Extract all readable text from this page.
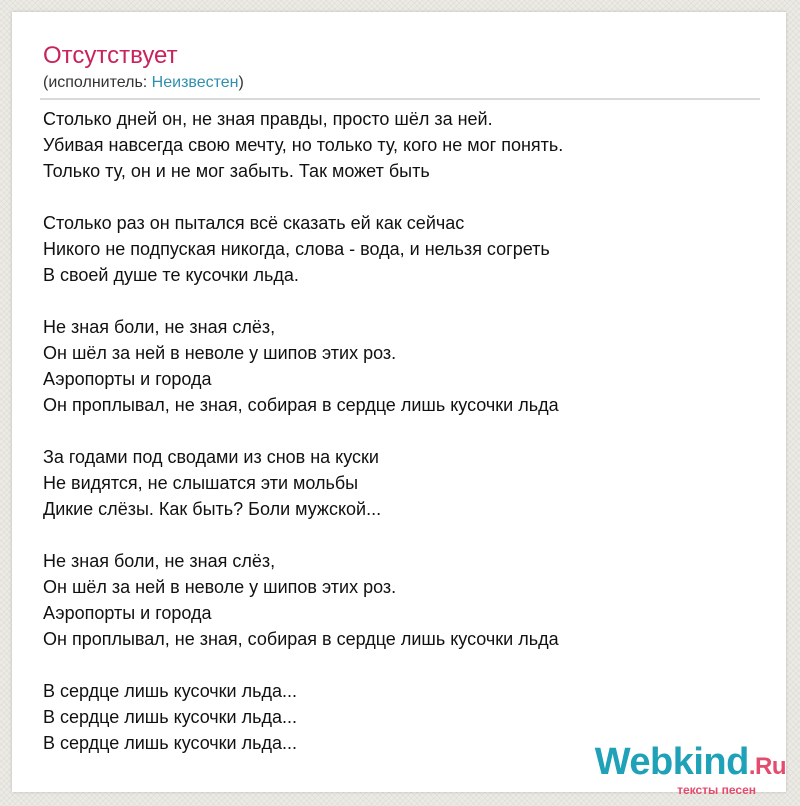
Отсутствует
(исполнитель: Неизвестен)
Столько дней он, не зная правды, просто шёл за ней.
Убивая навсегда свою мечту, но только ту, кого не мог понять.
Только ту, он и не мог забыть. Так может быть
Столько раз он пытался всё сказать ей как сейчас
Никого не подпуская никогда, слова - вода, и нельзя согреть
В своей душе те кусочки льда.
Не зная боли, не зная слёз,
Он шёл за ней в неволе у шипов этих роз.
Аэропорты и города
Он проплывал, не зная, собирая в сердце лишь кусочки льда
За годами под сводами из снов на куски
Не видятся, не слышатся эти мольбы
Дикие слёзы. Как быть? Боли мужской...
Не зная боли, не зная слёз,
Он шёл за ней в неволе у шипов этих роз.
Аэропорты и города
Он проплывал, не зная, собирая в сердце лишь кусочки льда
В сердце лишь кусочки льда...
В сердце лишь кусочки льда...
В сердце лишь кусочки льда...	Webkind.Ru
тексты песен
